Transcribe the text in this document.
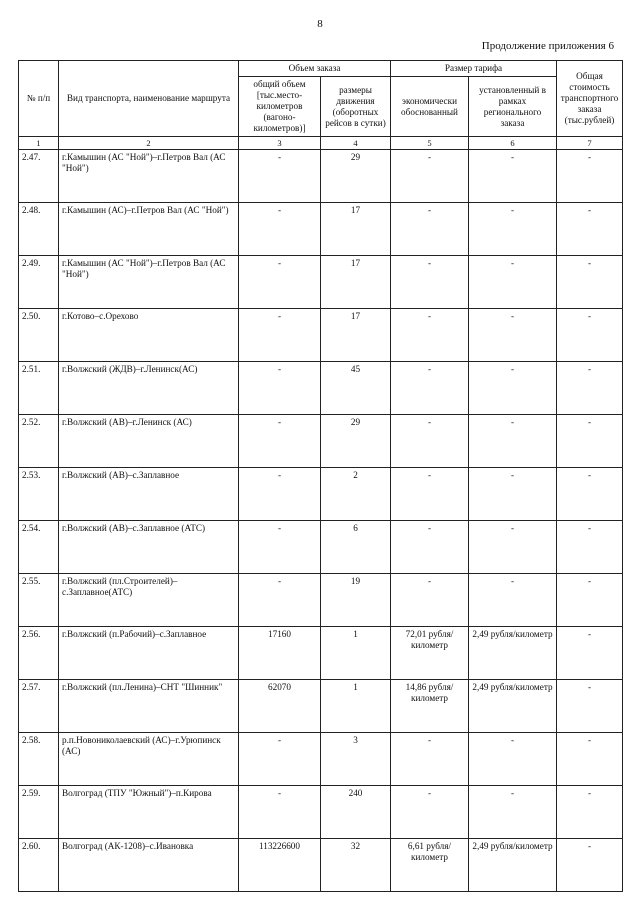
8
Продолжение приложения 6
№ п/п	Вид транспорта, наименование маршрута	Объем заказа		Размер тарифа		Общая стоимость транспортного заказа (тыс.рублей)
		общий объем [тыс.место-километров (вагоно-километров)]	размеры движения (оборотных рейсов в сутки)	экономически обоснованный	установленный в рамках регионального заказа	
1	2	3	4	5	6	7
2.47.	г.Камышин (АС "Ной")–г.Петров Вал (АС "Ной")	-	29	-	-	-
2.48.	г.Камышин (АС)–г.Петров Вал (АС "Ной")	-	17	-	-	-
2.49.	г.Камышин (АС "Ной")–г.Петров Вал (АС "Ной")	-	17	-	-	-
2.50.	г.Котово–с.Орехово	-	17	-	-	-
2.51.	г.Волжский (ЖДВ)–г.Ленинск(АС)	-	45	-	-	-
2.52.	г.Волжский (АВ)–г.Ленинск (АС)	-	29	-	-	-
2.53.	г.Волжский (АВ)–с.Заплавное	-	2	-	-	-
2.54.	г.Волжский (АВ)–с.Заплавное (АТС)	-	6	-	-	-
2.55.	г.Волжский (пл.Строителей)–с.Заплавное(АТС)	-	19	-	-	-
2.56.	г.Волжский (п.Рабочий)–с.Заплавное	17160	1	72,01 рубля/ километр	2,49 рубля/километр	-
2.57.	г.Волжский (пл.Ленина)–СНТ "Шинник"	62070	1	14,86 рубля/ километр	2,49 рубля/километр	-
2.58.	р.п.Новониколаевский (АС)–г.Урюпинск (АС)	-	3	-	-	-
2.59.	Волгоград (ТПУ "Южный")–п.Кирова	-	240	-	-	-
2.60.	Волгоград (АК-1208)–с.Ивановка	113226600	32	6,61 рубля/ километр	2,49 рубля/километр	-
